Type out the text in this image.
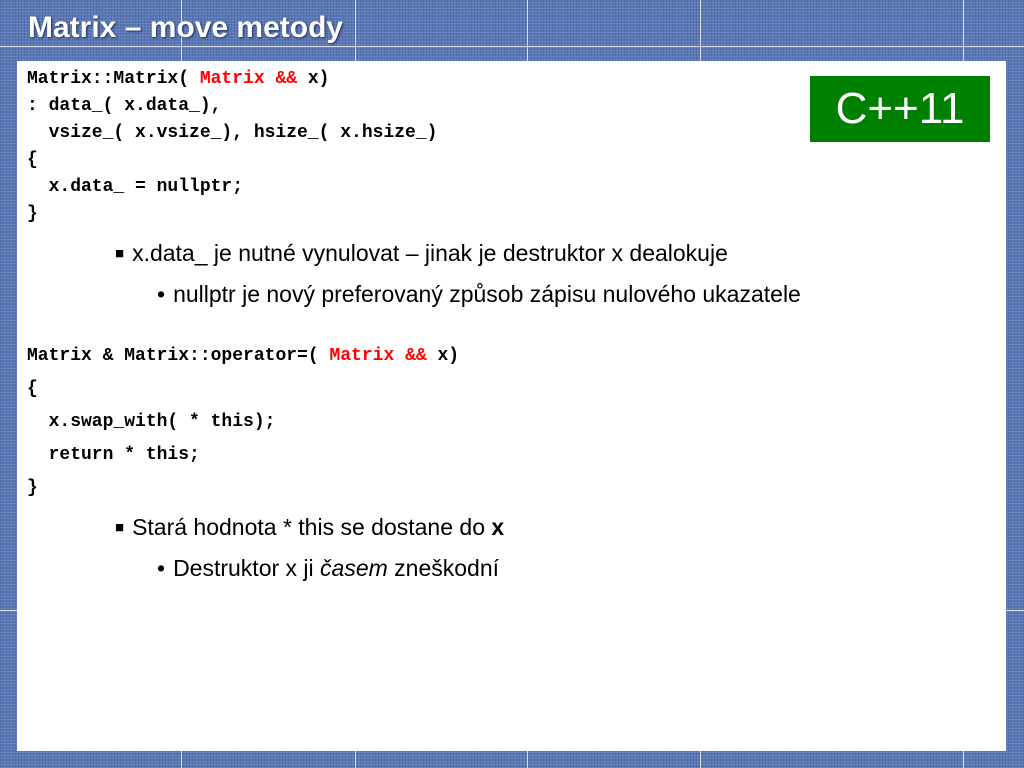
Matrix – move metody
C++11
Matrix::Matrix( Matrix && x)
: data_( x.data_),
vsize_( x.vsize_), hsize_( x.hsize_)
{
x.data_ = nullptr;
}
■ x.data_ je nutné vynulovat – jinak je destruktor x dealokuje
• nullptr je nový preferovaný způsob zápisu nulového ukazatele
Matrix & Matrix::operator=( Matrix && x)
{
x.swap_with( * this);
return * this;
}
■ Stará hodnota * this se dostane do x
• Destruktor x ji časem zneškodní
